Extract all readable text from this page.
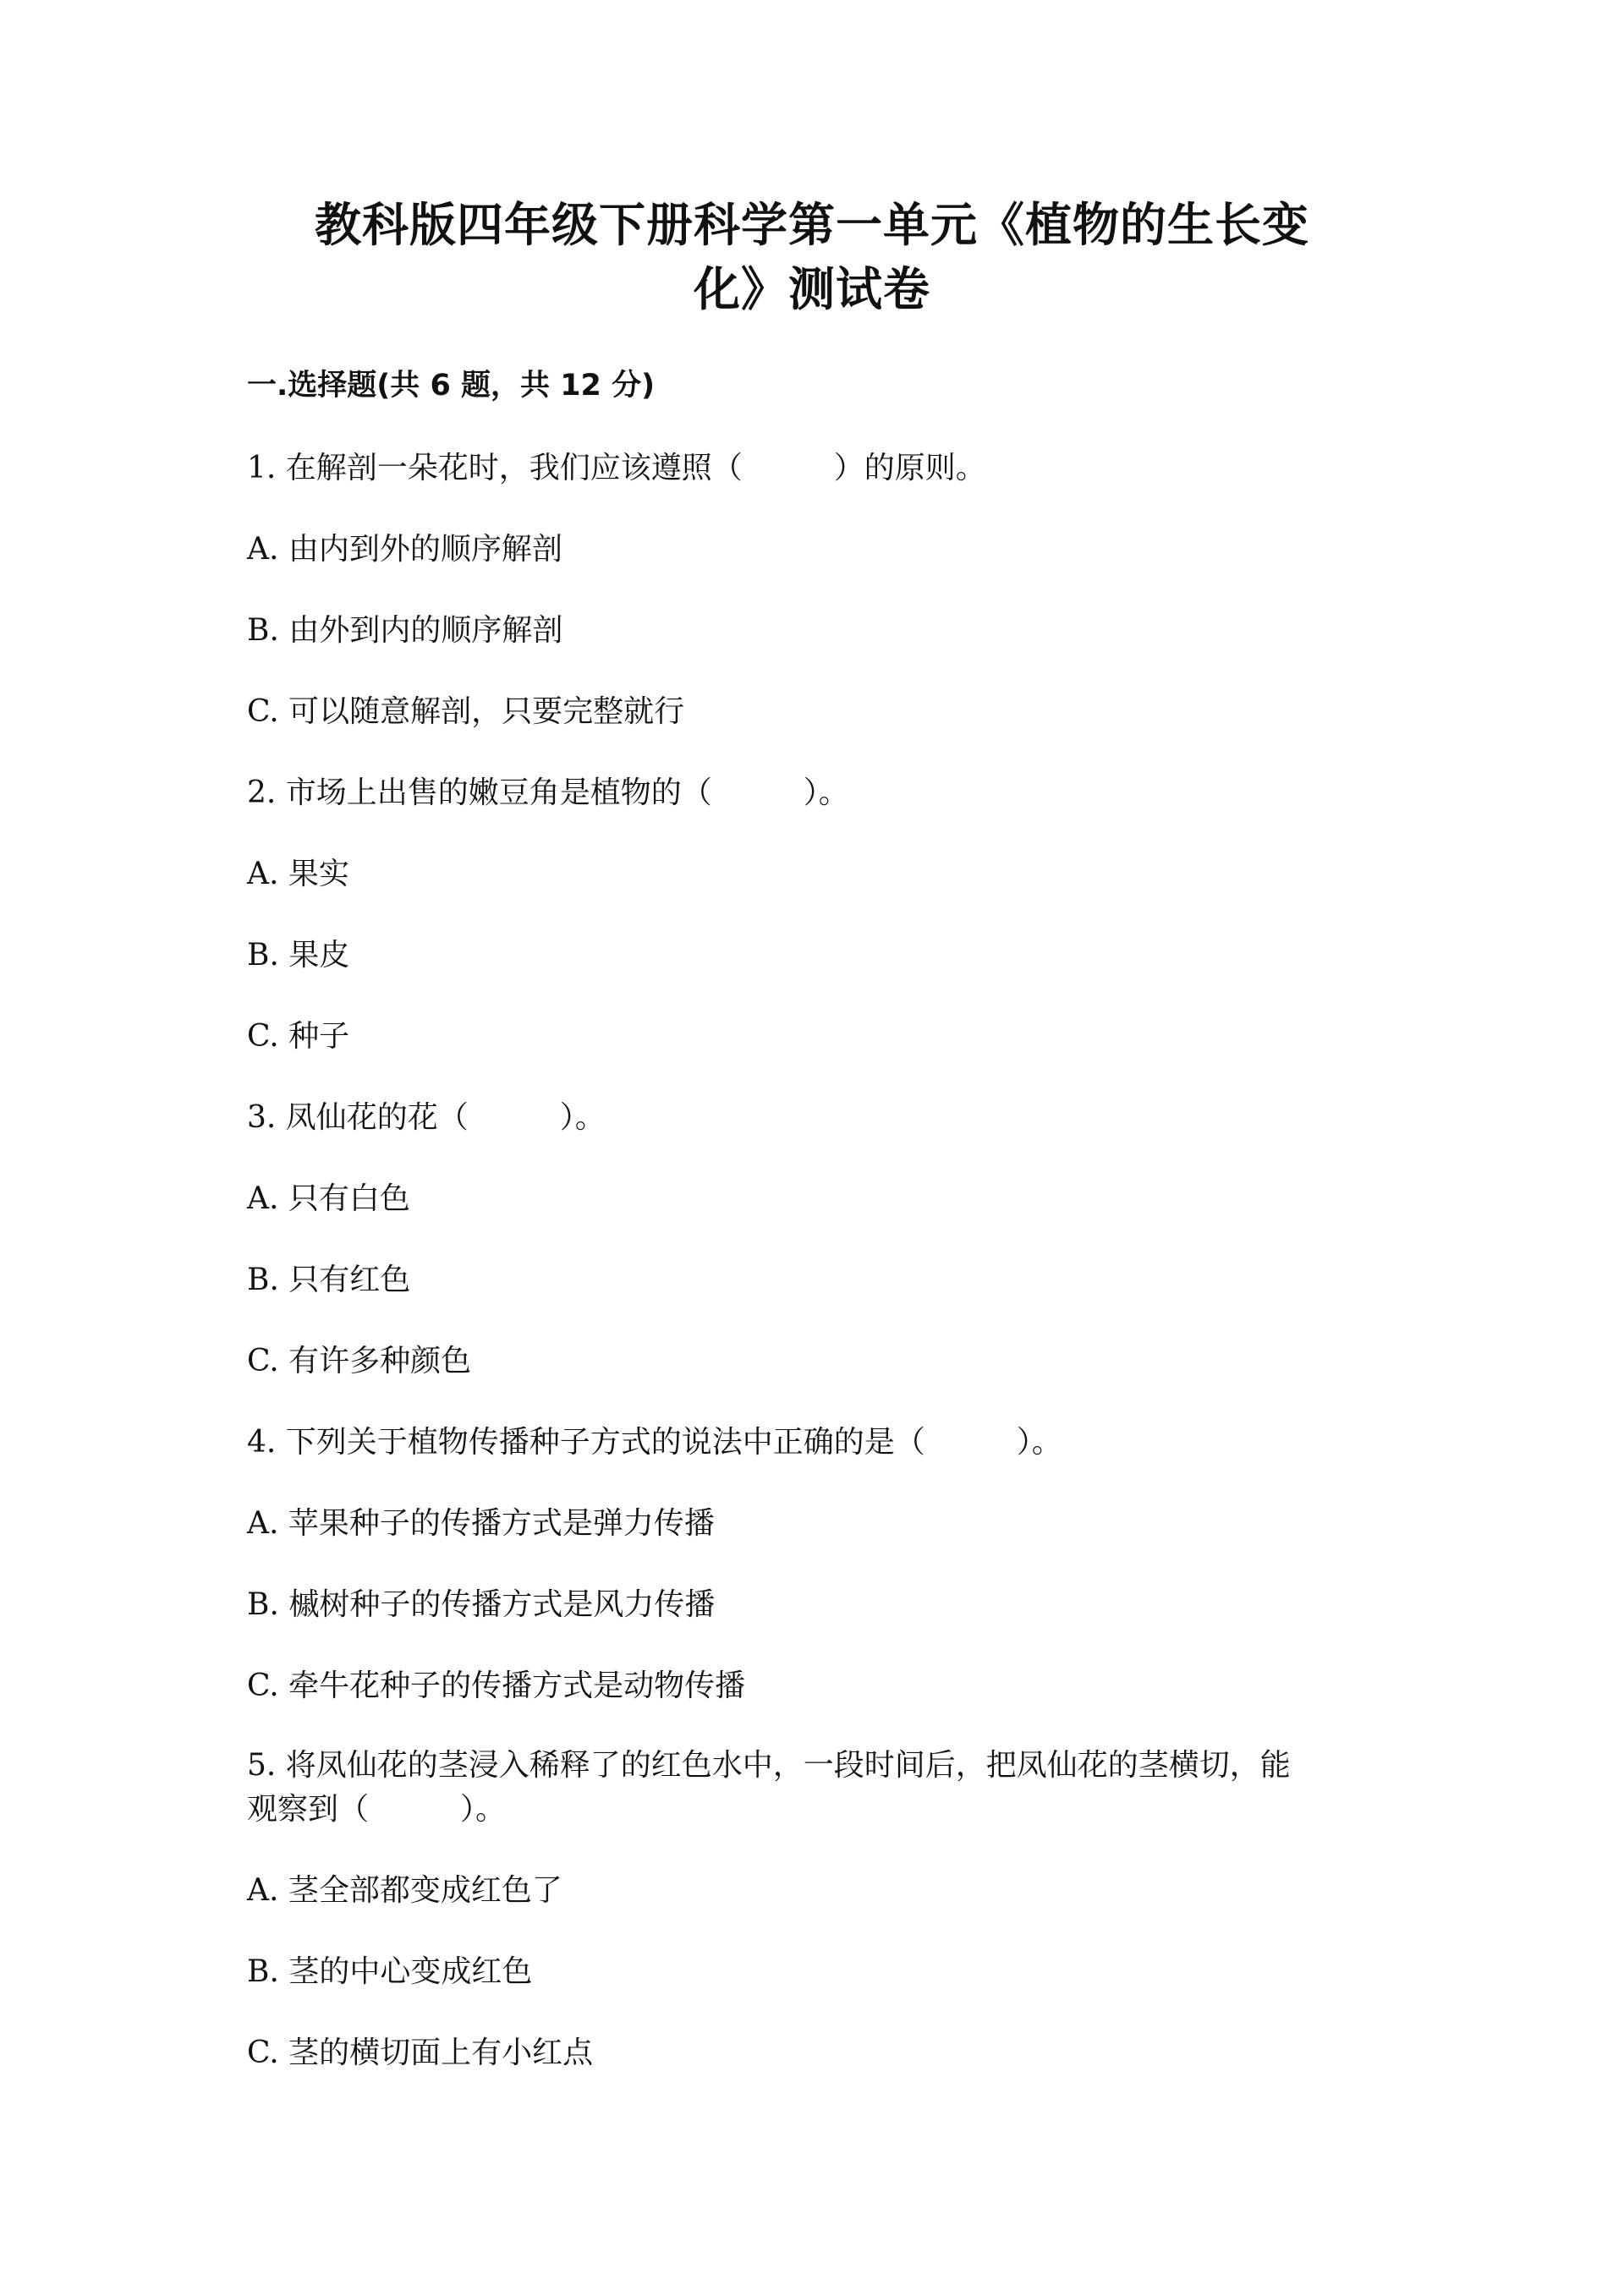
教科版四年级下册科学第一单元《植物的生长变
化》测试卷
一.选择题(共 6 题，共 12 分)
1. 在解剖一朵花时，我们应该遵照（　　　）的原则。
A. 由内到外的顺序解剖
B. 由外到内的顺序解剖
C. 可以随意解剖，只要完整就行
2. 市场上出售的嫩豆角是植物的（　　　）。
A. 果实
B. 果皮
C. 种子
3. 凤仙花的花（　　　）。
A. 只有白色
B. 只有红色
C. 有许多种颜色
4. 下列关于植物传播种子方式的说法中正确的是（　　　）。
A. 苹果种子的传播方式是弹力传播
B. 槭树种子的传播方式是风力传播
C. 牵牛花种子的传播方式是动物传播
5. 将凤仙花的茎浸入稀释了的红色水中，一段时间后，把凤仙花的茎横切，能
观察到（　　　）。
A. 茎全部都变成红色了
B. 茎的中心变成红色
C. 茎的横切面上有小红点
